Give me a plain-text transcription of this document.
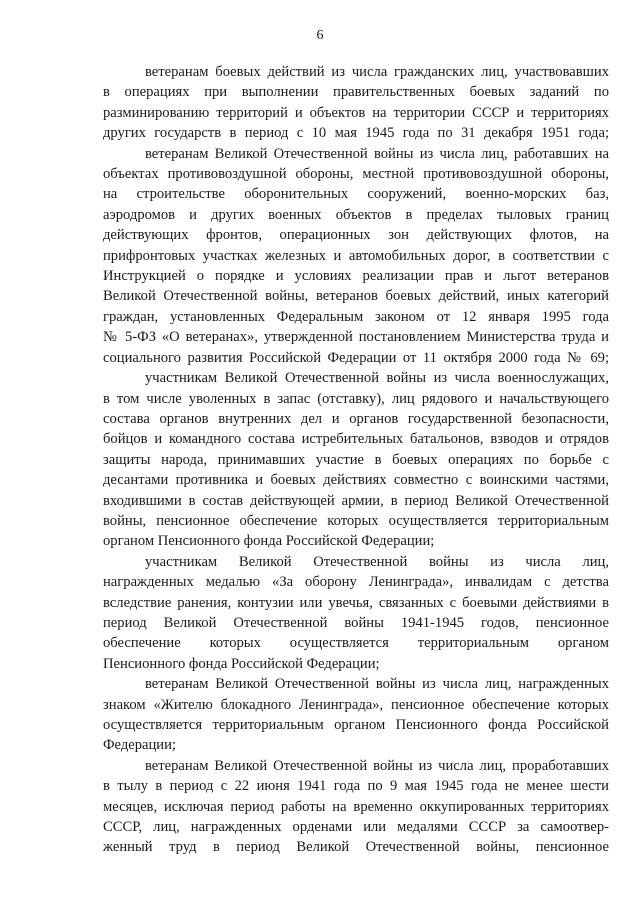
6

ветеранам боевых действий из числа гражданских лиц, участвовавших
в операциях при выполнении правительственных боевых заданий по
разминированию территорий и объектов на территории СССР и территориях
других государств в период с 10 мая 1945 года по 31 декабря 1951 года;

ветеранам Великой Отечественной войны из числа лиц, работавших на
объектах противовоздушной обороны, местной противовоздушной обороны,
на строительстве оборонительных сооружений, военно-морских баз,
аэродромов и других военных объектов в пределах тыловых границ
действующих фронтов, операционных зон действующих флотов, на
прифронтовых участках железных и автомобильных дорог, в соответствии с
Инструкцией о порядке и условиях реализации прав и льгот ветеранов
Великой Отечественной войны, ветеранов боевых действий, иных категорий
граждан, установленных Федеральным законом от 12 января 1995 года
№ 5-ФЗ «О ветеранах», утвержденной постановлением Министерства труда и
социального развития Российской Федерации от 11 октября 2000 года № 69;

участникам Великой Отечественной войны из числа военнослужащих,
в том числе уволенных в запас (отставку), лиц рядового и начальствующего
состава органов внутренних дел и органов государственной безопасности,
бойцов и командного состава истребительных батальонов, взводов и отрядов
защиты народа, принимавших участие в боевых операциях по борьбе с
десантами противника и боевых действиях совместно с воинскими частями,
входившими в состав действующей армии, в период Великой Отечественной
войны, пенсионное обеспечение которых осуществляется территориальным
органом Пенсионного фонда Российской Федерации;

участникам Великой Отечественной войны из числа лиц,
награжденных медалью «За оборону Ленинграда», инвалидам с детства
вследствие ранения, контузии или увечья, связанных с боевыми действиями в
период Великой Отечественной войны 1941-1945 годов, пенсионное
обеспечение которых осуществляется территориальным органом
Пенсионного фонда Российской Федерации;

ветеранам Великой Отечественной войны из числа лиц, награжденных
знаком «Жителю блокадного Ленинграда», пенсионное обеспечение которых
осуществляется территориальным органом Пенсионного фонда Российской
Федерации;

ветеранам Великой Отечественной войны из числа лиц, проработавших
в тылу в период с 22 июня 1941 года по 9 мая 1945 года не менее шести
месяцев, исключая период работы на временно оккупированных территориях
СССР, лиц, награжденных орденами или медалями СССР за самоотвер-
женный труд в период Великой Отечественной войны, пенсионное
